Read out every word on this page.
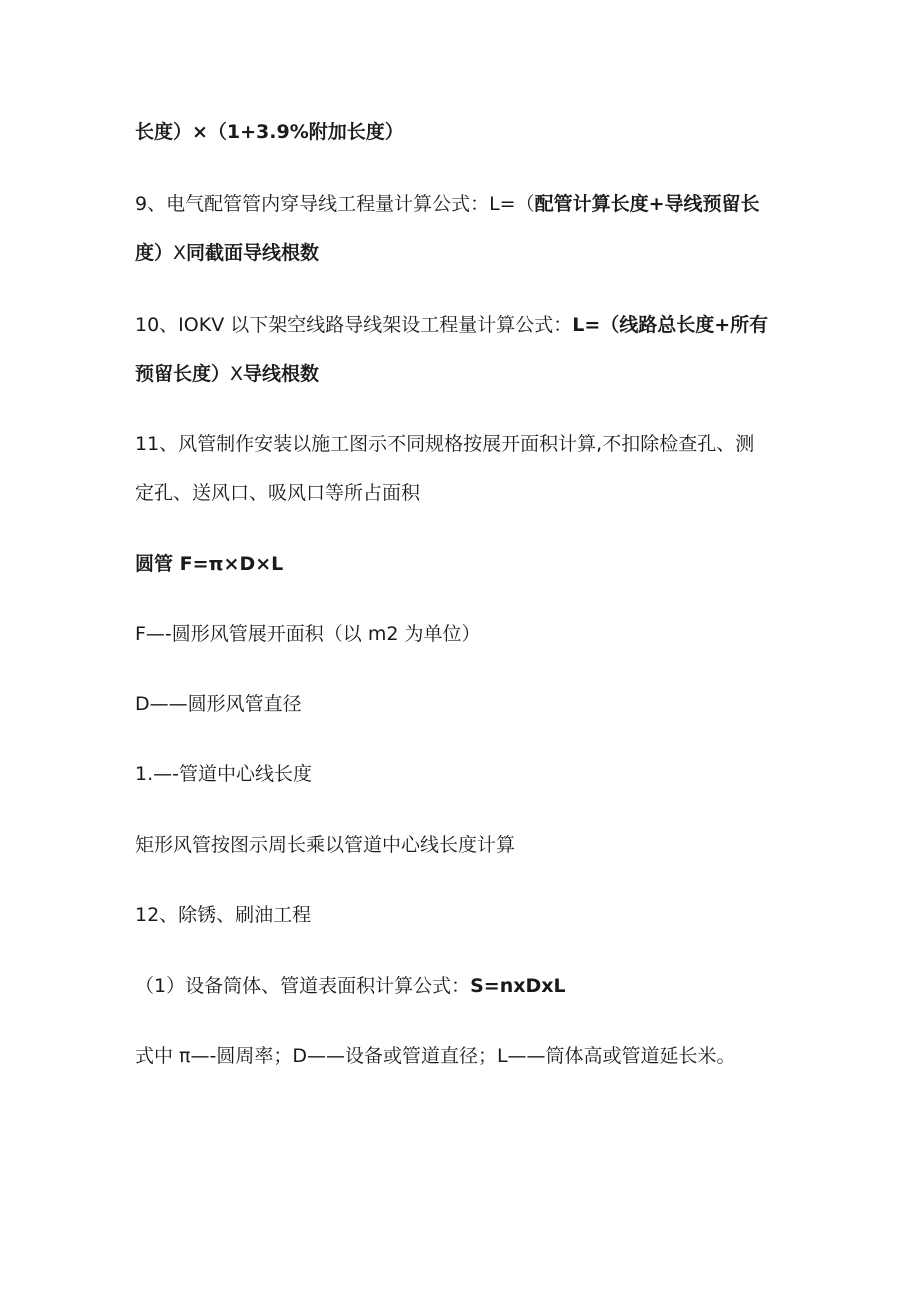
长度）×（1+3.9%附加长度）

9、电气配管管内穿导线工程量计算公式：L=（配管计算长度+导线预留长
度）X同截面导线根数

10、IOKV 以下架空线路导线架设工程量计算公式：L=（线路总长度+所有
预留长度）X导线根数

11、风管制作安装以施工图示不同规格按展开面积计算,不扣除检查孔、测
定孔、送风口、吸风口等所占面积

圆管 F=π×D×L

F—-圆形风管展开面积（以 m2 为单位）

D——圆形风管直径

1.—-管道中心线长度

矩形风管按图示周长乘以管道中心线长度计算

12、除锈、刷油工程

（1）设备筒体、管道表面积计算公式：S=nxDxL

式中 π—-圆周率；D——设备或管道直径；L——筒体高或管道延长米。
